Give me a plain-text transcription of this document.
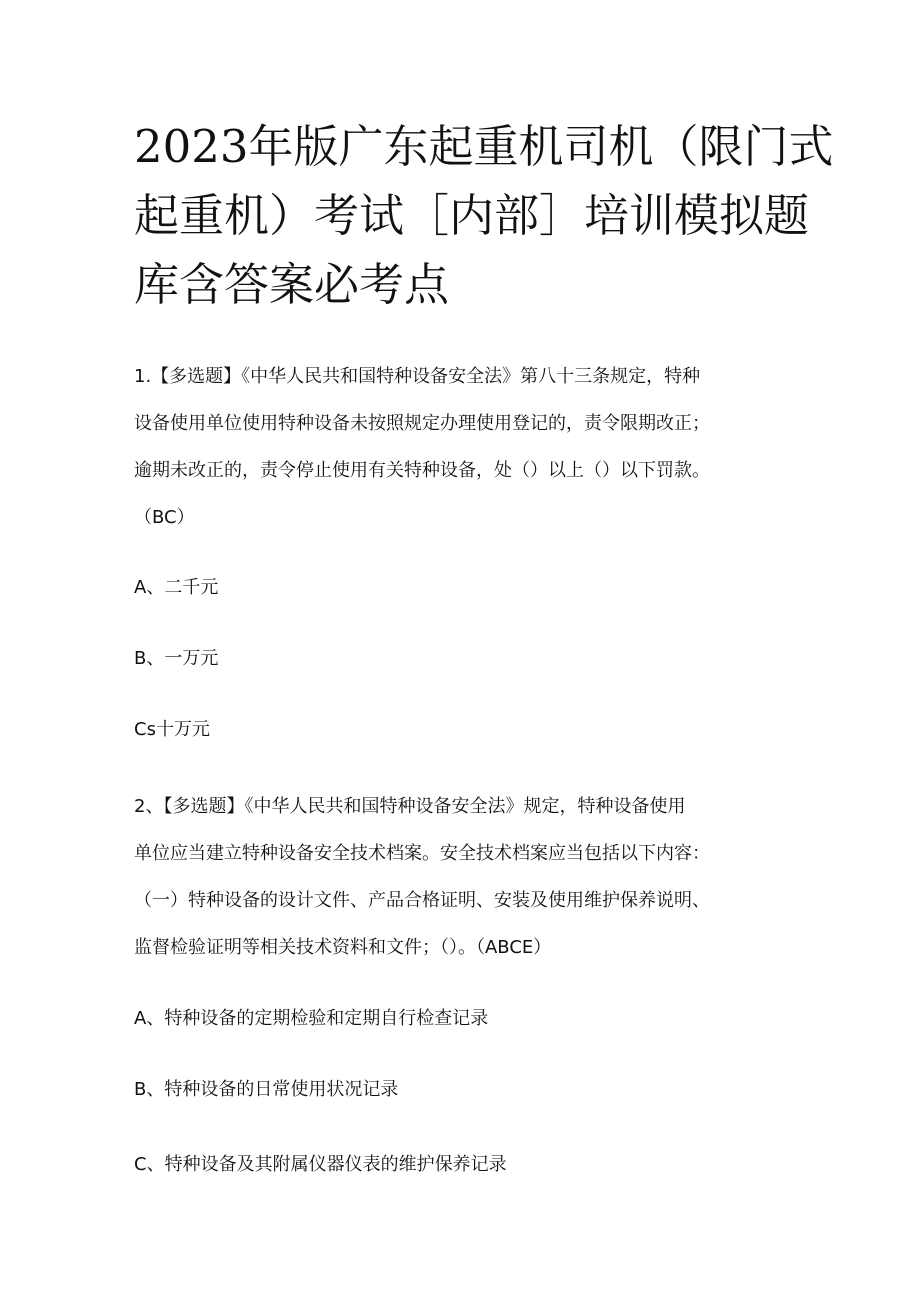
2023年版广东起重机司机（限门式
起重机）考试［内部］培训模拟题
库含答案必考点
1.【多选题】《中华人民共和国特种设备安全法》第八十三条规定，特种
设备使用单位使用特种设备未按照规定办理使用登记的，责令限期改正；
逾期未改正的，责令停止使用有关特种设备，处（）以上（）以下罚款。
（BC）

A、二千元

B、一万元

Cs十万元

2、【多选题】《中华人民共和国特种设备安全法》规定，特种设备使用
单位应当建立特种设备安全技术档案。安全技术档案应当包括以下内容：
（一）特种设备的设计文件、产品合格证明、安装及使用维护保养说明、
监督检验证明等相关技术资料和文件；（）。（ABCE）

A、特种设备的定期检验和定期自行检查记录

B、特种设备的日常使用状况记录

C、特种设备及其附属仪器仪表的维护保养记录
